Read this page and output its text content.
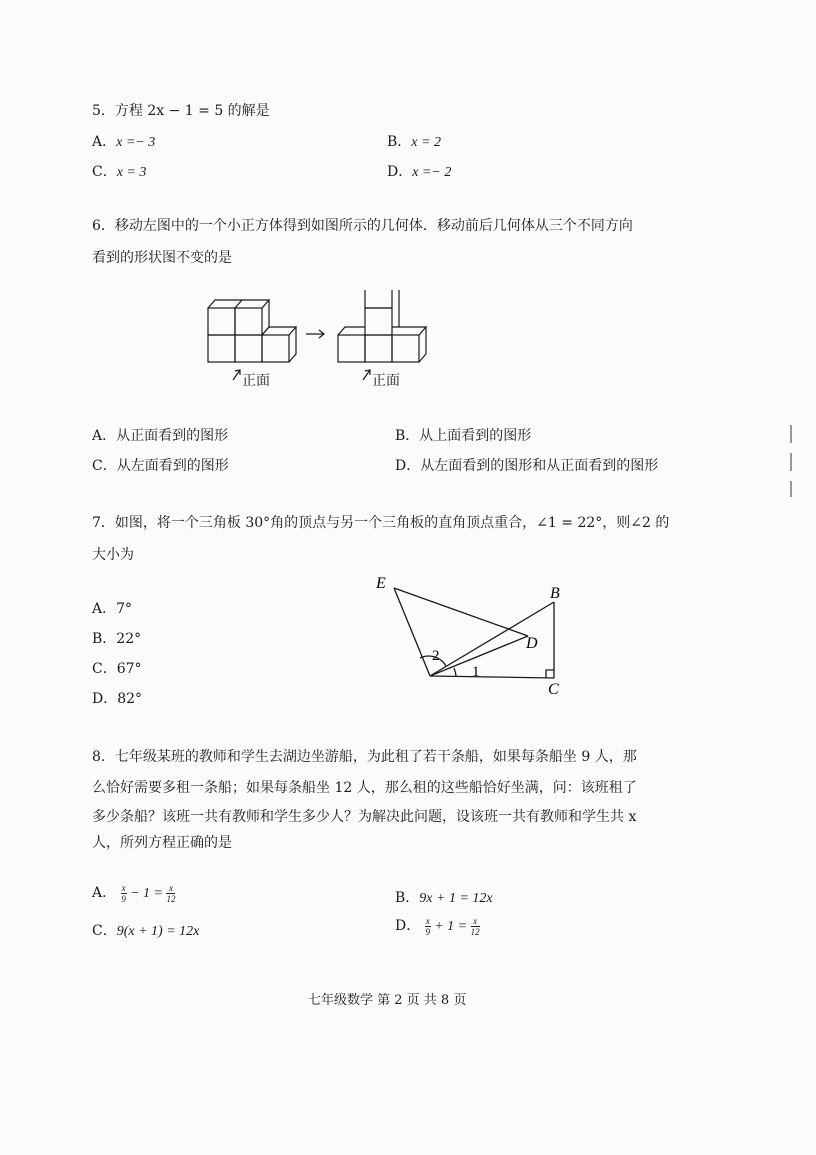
5．方程 2x − 1 = 5 的解是
A．x =− 3	B．x = 2
C．x = 3	D．x =− 2
6．移动左图中的一个小正方体得到如图所示的几何体．移动前后几何体从三个不同方向
看到的形状图不变的是
正面	正面
A．从正面看到的图形	B．从上面看到的图形
C．从左面看到的图形	D．从左面看到的图形和从正面看到的图形
7．如图，将一个三角板 30°角的顶点与另一个三角板的直角顶点重合，∠1 = 22°，则∠2 的
大小为
A．7°
B．22°
C．67°
D．82°
E
B
D
C
1
2
8．七年级某班的教师和学生去湖边坐游船，为此租了若干条船，如果每条船坐 9 人，那
么恰好需要多租一条船；如果每条船坐 12 人，那么租的这些船恰好坐满，问：该班租了
多少条船？该班一共有教师和学生多少人？为解决此问题，设该班一共有教师和学生共 x
人，所列方程正确的是
A． $\frac{x}{9} - 1 = \frac{x}{12}$	B．9x + 1 = 12x
C．9(x + 1) = 12x	D． $\frac{x}{9} + 1 = \frac{x}{12}$
七年级数学 第 2 页 共 8 页
